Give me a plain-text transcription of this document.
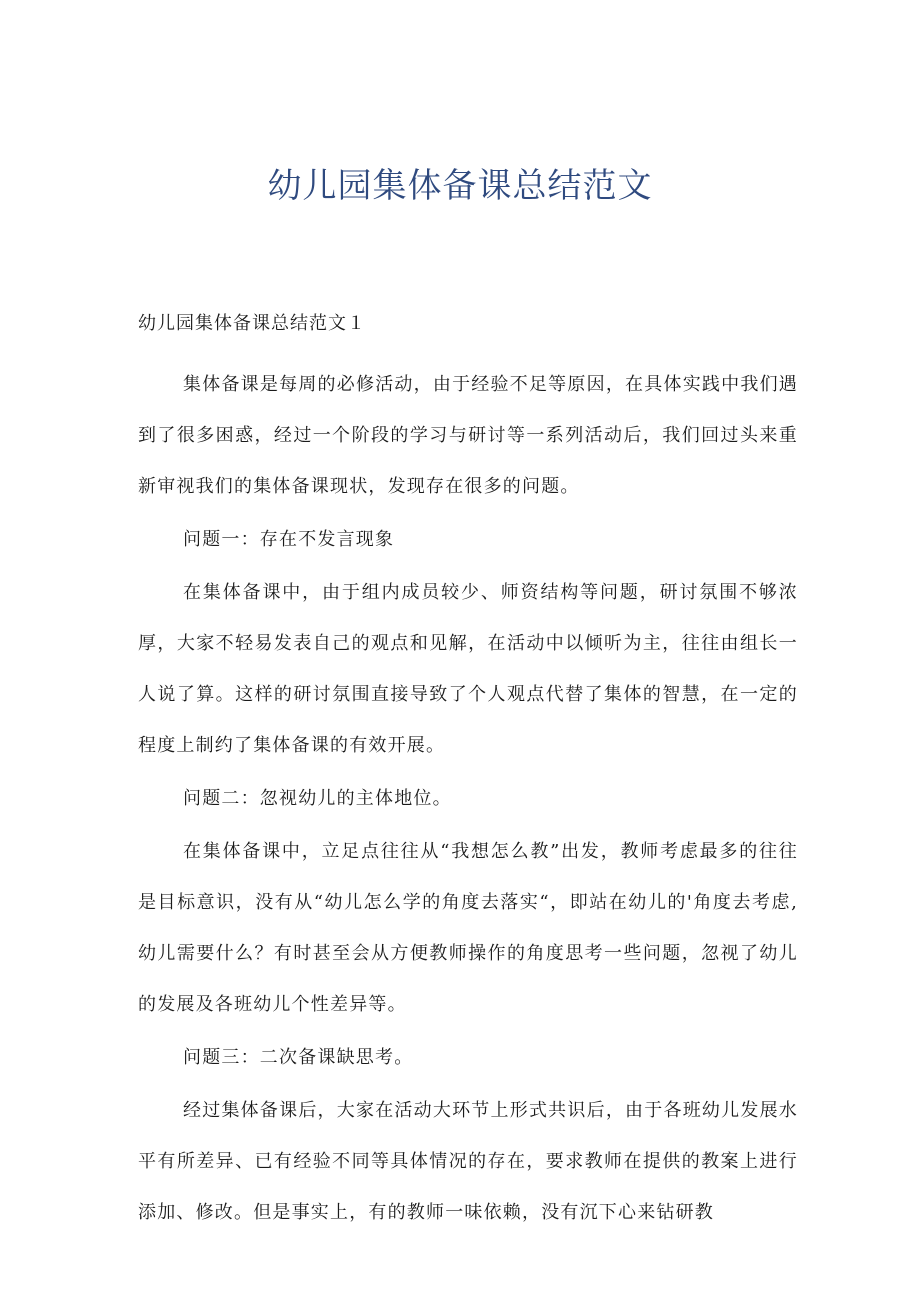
幼儿园集体备课总结范文

幼儿园集体备课总结范文１

集体备课是每周的必修活动，由于经验不足等原因，在具体实践中我们遇到了很多困惑，经过一个阶段的学习与研讨等一系列活动后，我们回过头来重新审视我们的集体备课现状，发现存在很多的问题。

问题一：存在不发言现象

在集体备课中，由于组内成员较少、师资结构等问题，研讨氛围不够浓厚，大家不轻易发表自己的观点和见解，在活动中以倾听为主，往往由组长一人说了算。这样的研讨氛围直接导致了个人观点代替了集体的智慧，在一定的程度上制约了集体备课的有效开展。

问题二：忽视幼儿的主体地位。

在集体备课中，立足点往往从“我想怎么教”出发，教师考虑最多的往往是目标意识，没有从“幼儿怎么学的角度去落实“，即站在幼儿的'角度去考虑,幼儿需要什么？有时甚至会从方便教师操作的角度思考一些问题，忽视了幼儿的发展及各班幼儿个性差异等。

问题三：二次备课缺思考。

经过集体备课后，大家在活动大环节上形式共识后，由于各班幼儿发展水平有所差异、已有经验不同等具体情况的存在，要求教师在提供的教案上进行添加、修改。但是事实上，有的教师一味依赖，没有沉下心来钻研教
